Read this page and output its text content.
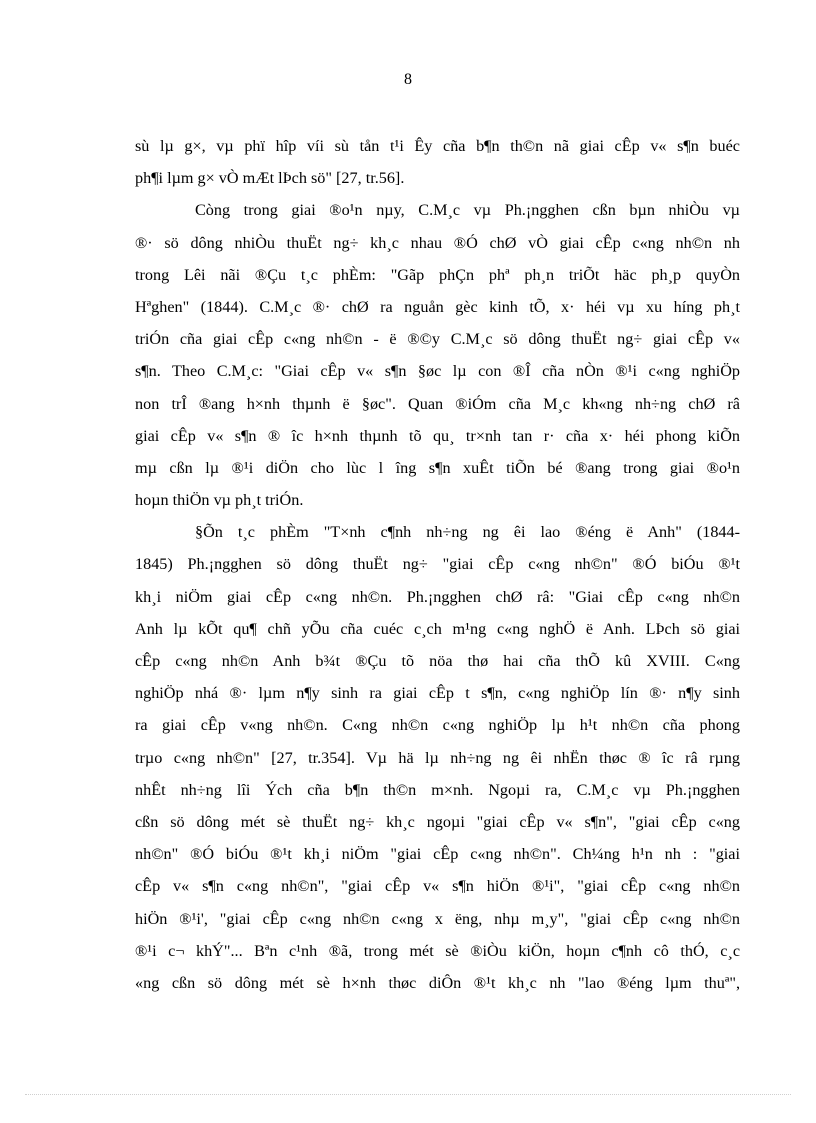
8
sù lµ g×, vµ phï hîp víi sù tån t¹i Êy cña b¶n th©n nã giai cÊp v« s¶n buéc
ph¶i lµm g× vÒ mÆt lÞch sö" [27, tr.56].
Còng trong giai ®o¹n nµy, C.M¸c vµ Ph.¡ngghen cßn bµn nhiÒu vµ
®· sö dông nhiÒu thuËt ng÷ kh¸c nhau ®Ó chØ vÒ giai cÊp c«ng nh©n nh
trong Lêi nãi ®Çu t¸c phÈm: "Gãp phÇn phª ph¸n triÕt häc ph¸p quyÒn
Hªghen" (1844). C.M¸c ®· chØ ra nguån gèc kinh tÕ, x· héi vµ xu híng ph¸t
triÓn cña giai cÊp c«ng nh©n - ë ®©y C.M¸c sö dông thuËt ng÷ giai cÊp v«
s¶n. Theo C.M¸c: "Giai cÊp v« s¶n §øc lµ con ®Î cña nÒn ®¹i c«ng nghiÖp
non trÎ ®ang h×nh thµnh ë §øc". Quan ®iÓm cña M¸c kh«ng nh÷ng chØ râ
giai cÊp v« s¶n ® îc h×nh thµnh tõ qu¸ tr×nh tan r· cña x· héi phong kiÕn
mµ cßn lµ ®¹i diÖn cho lùc l îng s¶n xuÊt tiÕn bé ®ang trong giai ®o¹n
hoµn thiÖn vµ ph¸t triÓn.
§Õn t¸c phÈm "T×nh c¶nh nh÷ng ng êi lao ®éng ë Anh" (1844-
1845) Ph.¡ngghen sö dông thuËt ng÷ "giai cÊp c«ng nh©n" ®Ó biÓu ®¹t
kh¸i niÖm giai cÊp c«ng nh©n. Ph.¡ngghen chØ râ: "Giai cÊp c«ng nh©n
Anh lµ kÕt qu¶ chñ yÕu cña cuéc c¸ch m¹ng c«ng nghÖ ë Anh. LÞch sö giai
cÊp c«ng nh©n Anh b¾t ®Çu tõ nöa thø hai cña thÕ kû XVIII. C«ng
nghiÖp nhá ®· lµm n¶y sinh ra giai cÊp t s¶n, c«ng nghiÖp lín ®· n¶y sinh
ra giai cÊp v«ng nh©n. C«ng nh©n c«ng nghiÖp lµ h¹t nh©n cña phong
trµo c«ng nh©n" [27, tr.354]. Vµ hä lµ nh÷ng ng êi nhËn thøc ® îc râ rµng
nhÊt nh÷ng lîi Ých cña b¶n th©n m×nh. Ngoµi ra, C.M¸c vµ Ph.¡ngghen
cßn sö dông mét sè thuËt ng÷ kh¸c ngoµi "giai cÊp v« s¶n", "giai cÊp c«ng
nh©n" ®Ó biÓu ®¹t kh¸i niÖm "giai cÊp c«ng nh©n". Ch¼ng h¹n nh : "giai
cÊp v« s¶n c«ng nh©n", "giai cÊp v« s¶n hiÖn ®¹i", "giai cÊp c«ng nh©n
hiÖn ®¹i', "giai cÊp c«ng nh©n c«ng x ëng, nhµ m¸y", "giai cÊp c«ng nh©n
®¹i c¬ khÝ"... Bªn c¹nh ®ã, trong mét sè ®iÒu kiÖn, hoµn c¶nh cô thÓ, c¸c
«ng cßn sö dông mét sè h×nh thøc diÔn ®¹t kh¸c nh "lao ®éng lµm thuª",
